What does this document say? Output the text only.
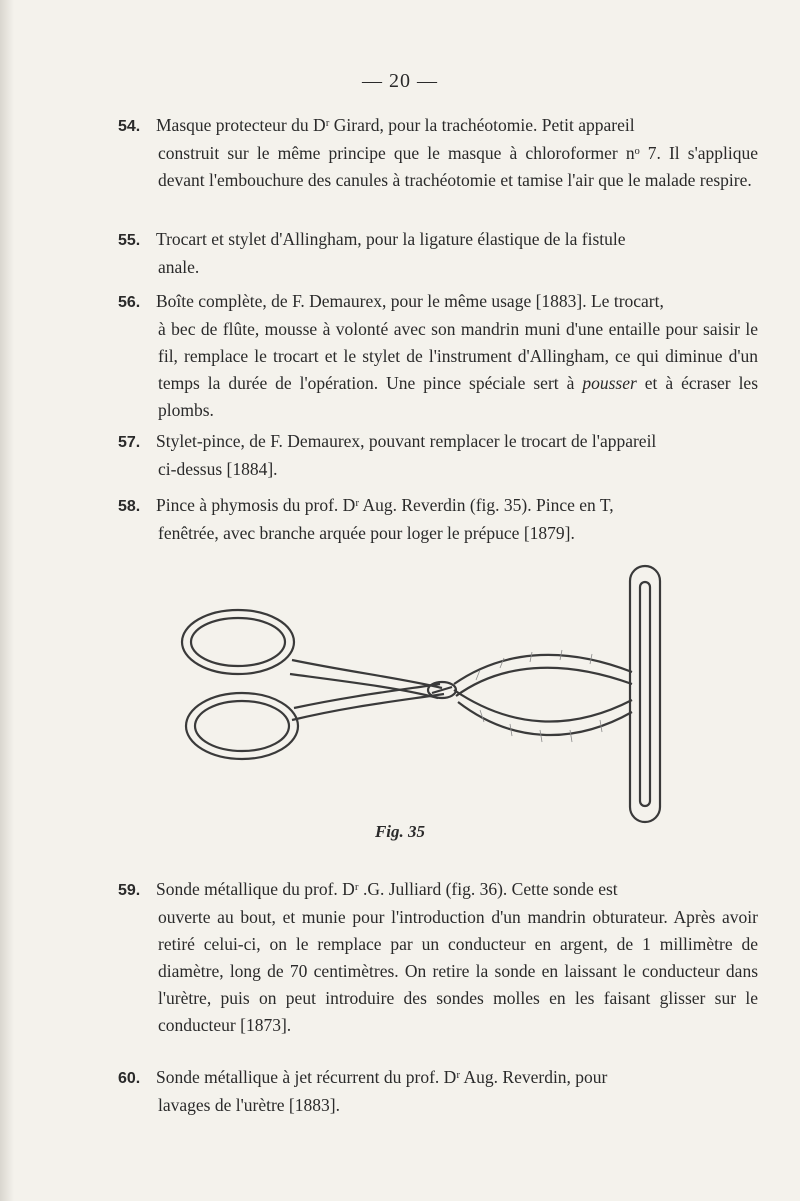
— 20 —
54. Masque protecteur du Dʳ Girard, pour la trachéotomie. Petit appareil
construit sur le même principe que le masque à chloroformer nᵒ 7. Il s'applique devant l'embouchure des canules à trachéotomie et tamise l'air que le malade respire.
55. Trocart et stylet d'Allingham, pour la ligature élastique de la fistule
anale.
56. Boîte complète, de F. Demaurex, pour le même usage [1883]. Le trocart,
à bec de flûte, mousse à volonté avec son mandrin muni d'une entaille pour saisir le fil, remplace le trocart et le stylet de l'instrument d'Allingham, ce qui diminue d'un temps la durée de l'opération. Une pince spéciale sert à pousser et à écraser les plombs.
57. Stylet-pince, de F. Demaurex, pouvant remplacer le trocart de l'appareil
ci-dessus [1884].
58. Pince à phymosis du prof. Dʳ Aug. Reverdin (fig. 35). Pince en T,
fenêtrée, avec branche arquée pour loger le prépuce [1879].
Fig. 35
59. Sonde métallique du prof. Dʳ .G. Julliard (fig. 36). Cette sonde est
ouverte au bout, et munie pour l'introduction d'un mandrin obturateur. Après avoir retiré celui-ci, on le remplace par un conducteur en argent, de 1 millimètre de diamètre, long de 70 centimètres. On retire la sonde en laissant le conducteur dans l'urètre, puis on peut introduire des sondes molles en les faisant glisser sur le conducteur [1873].
60. Sonde métallique à jet récurrent du prof. Dʳ Aug. Reverdin, pour
lavages de l'urètre [1883].
